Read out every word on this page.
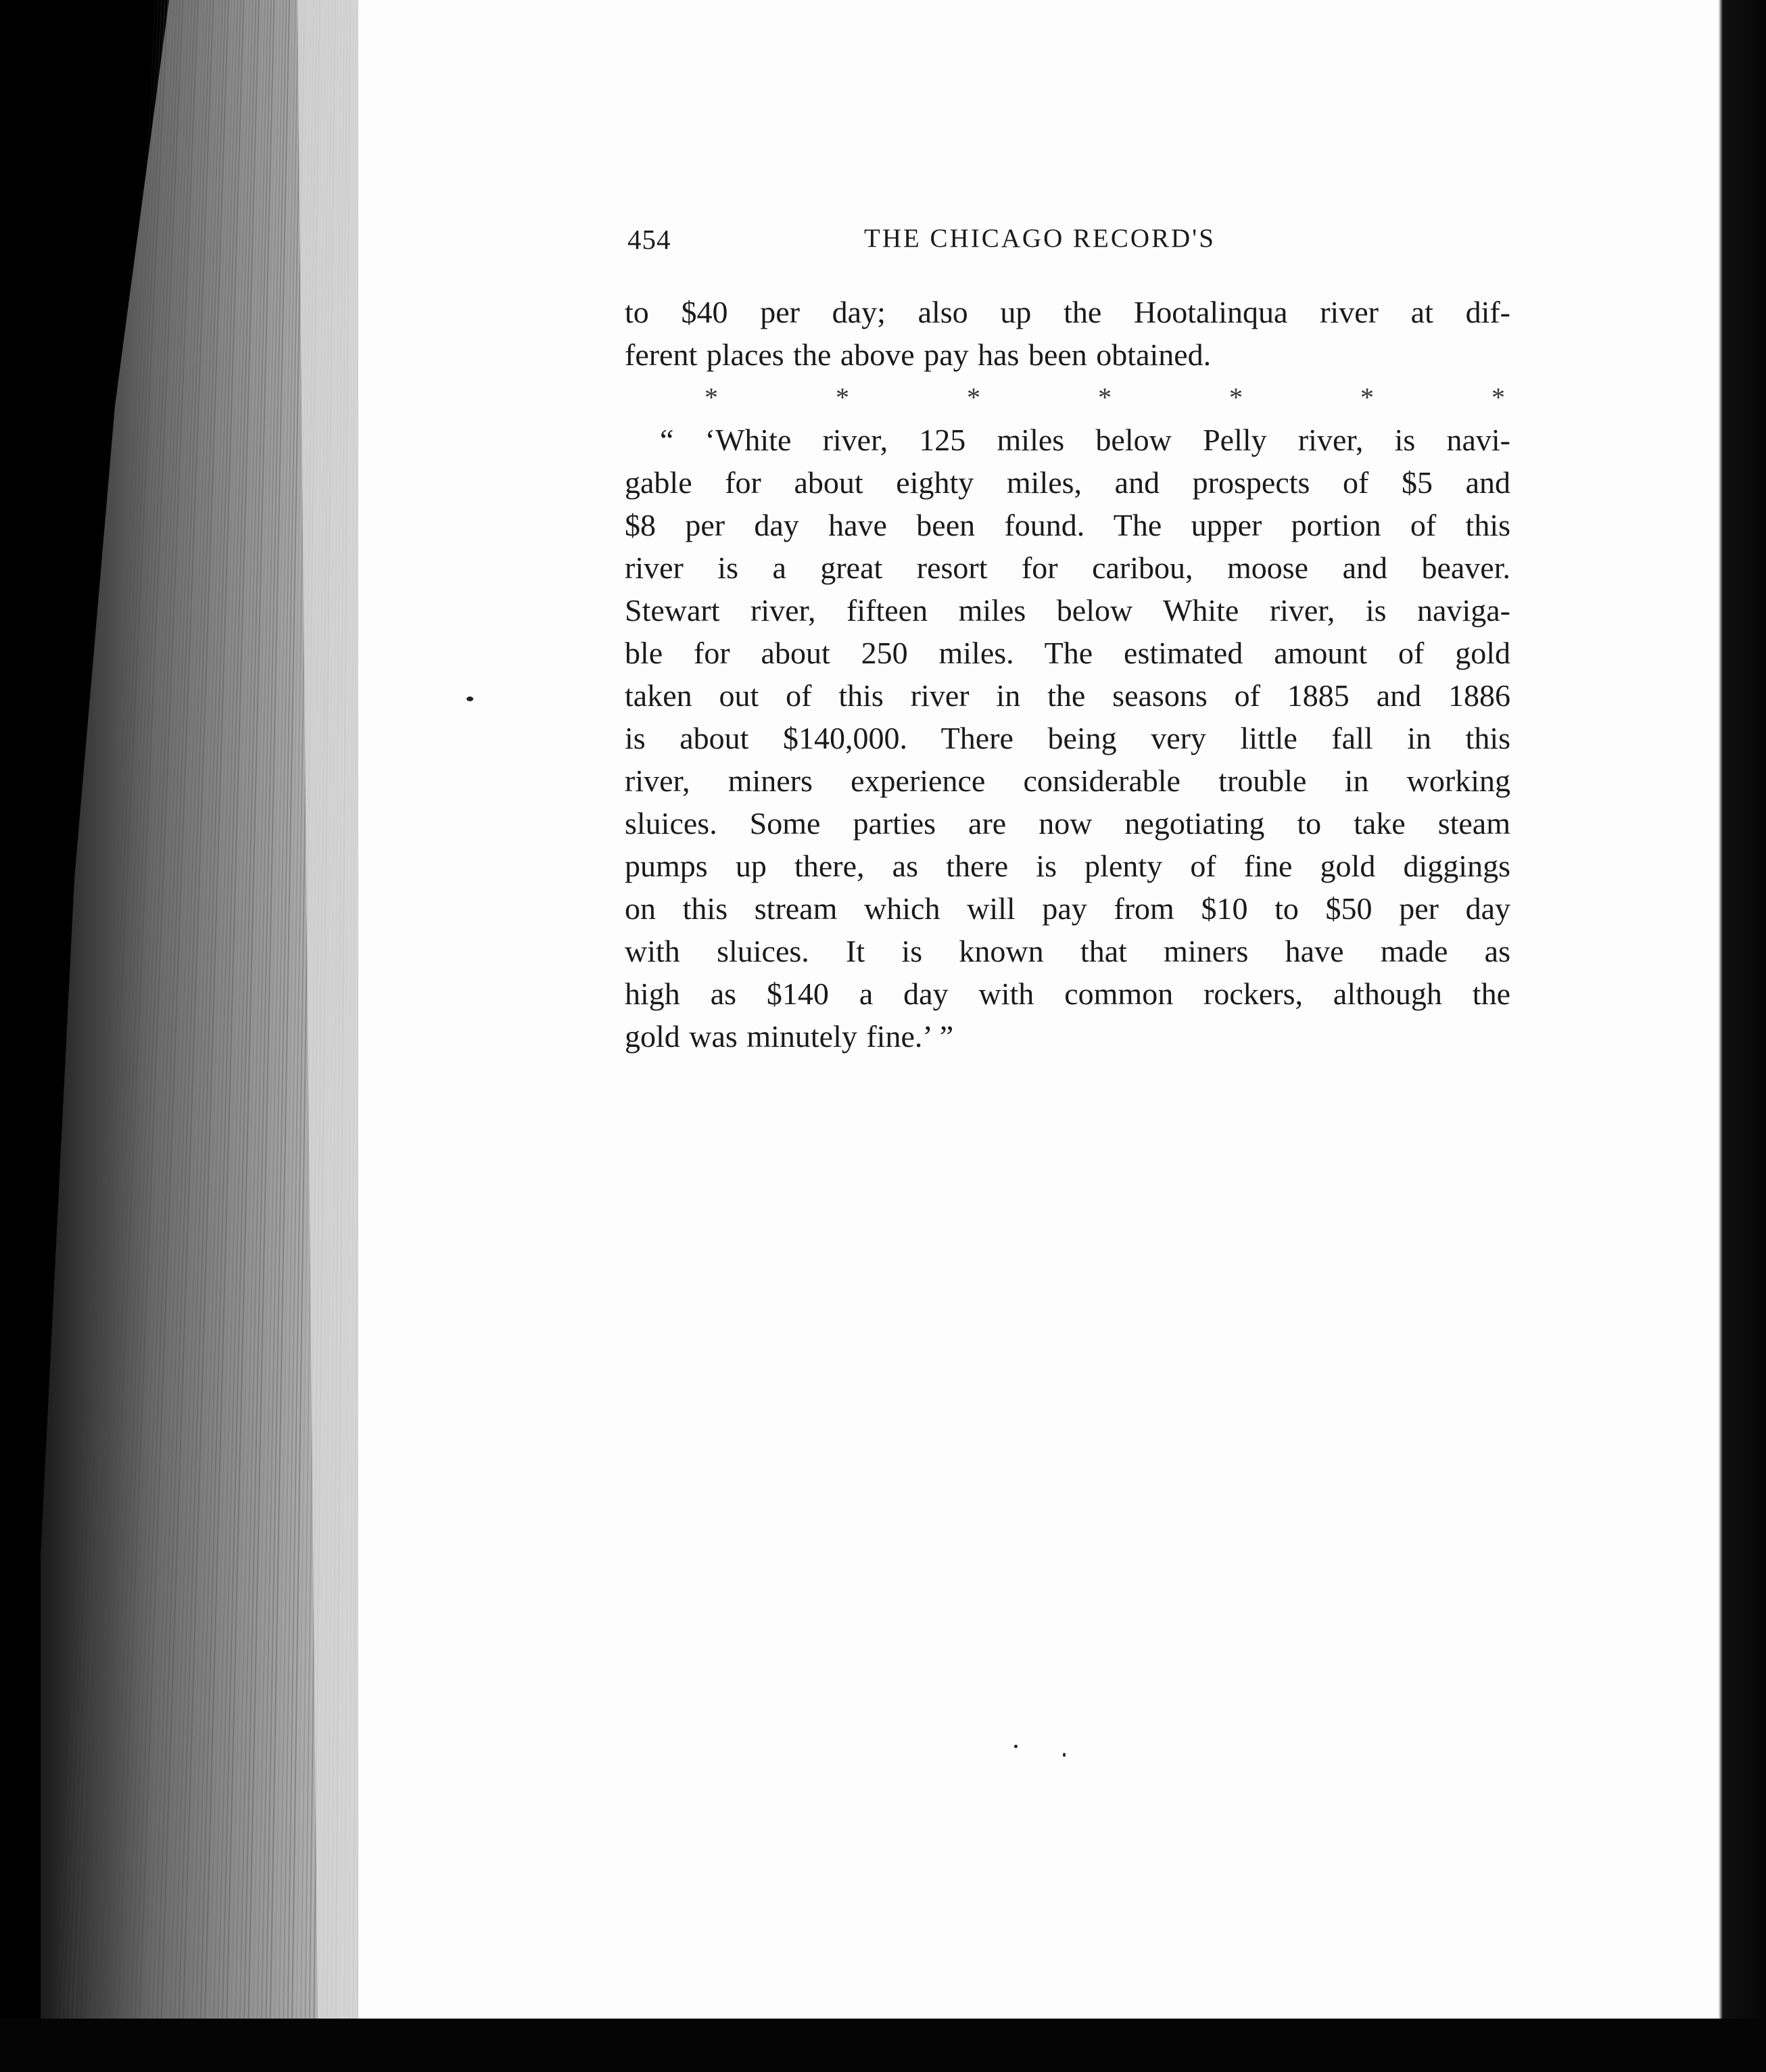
454	THE CHICAGO RECORD'S
to $40 per day; also up the Hootalinqua river at dif-
ferent places the above pay has been obtained.
*	*	*	*	*	*	*
“ ‘White river, 125 miles below Pelly river, is navi-
gable for about eighty miles, and prospects of $5 and
$8 per day have been found. The upper portion of this
river is a great resort for caribou, moose and beaver.
Stewart river, fifteen miles below White river, is naviga-
ble for about 250 miles. The estimated amount of gold
taken out of this river in the seasons of 1885 and 1886
is about $140,000. There being very little fall in this
river, miners experience considerable trouble in working
sluices. Some parties are now negotiating to take steam
pumps up there, as there is plenty of fine gold diggings
on this stream which will pay from $10 to $50 per day
with sluices. It is known that miners have made as
high as $140 a day with common rockers, although the
gold was minutely fine.’ ”
